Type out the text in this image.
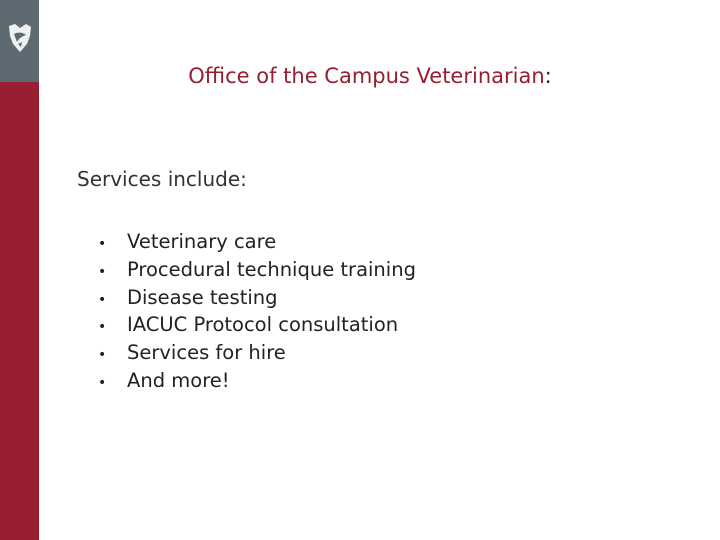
Office of the Campus Veterinarian:
Services include:
• Veterinary care
• Procedural technique training
• Disease testing
• IACUC Protocol consultation
• Services for hire
• And more!
